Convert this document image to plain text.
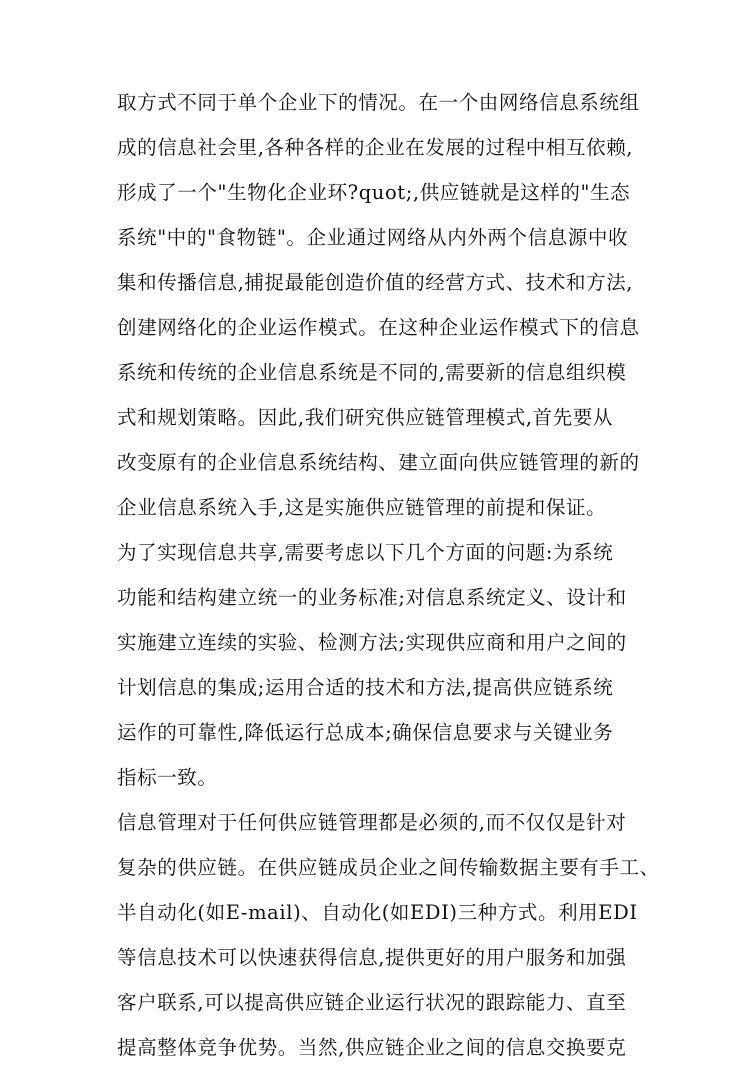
取方式不同于单个企业下的情况。在一个由网络信息系统组
成的信息社会里,各种各样的企业在发展的过程中相互依赖,
形成了一个"生物化企业环?quot;,供应链就是这样的"生态
系统"中的"食物链"。企业通过网络从内外两个信息源中收
集和传播信息,捕捉最能创造价值的经营方式、技术和方法,
创建网络化的企业运作模式。在这种企业运作模式下的信息
系统和传统的企业信息系统是不同的,需要新的信息组织模
式和规划策略。因此,我们研究供应链管理模式,首先要从
改变原有的企业信息系统结构、建立面向供应链管理的新的
企业信息系统入手,这是实施供应链管理的前提和保证。
为了实现信息共享,需要考虑以下几个方面的问题:为系统
功能和结构建立统一的业务标准;对信息系统定义、设计和
实施建立连续的实验、检测方法;实现供应商和用户之间的
计划信息的集成;运用合适的技术和方法,提高供应链系统
运作的可靠性,降低运行总成本;确保信息要求与关键业务
指标一致。
信息管理对于任何供应链管理都是必须的,而不仅仅是针对
复杂的供应链。在供应链成员企业之间传输数据主要有手工、
半自动化(如E-mail)、自动化(如EDI)三种方式。利用EDI
等信息技术可以快速获得信息,提供更好的用户服务和加强
客户联系,可以提高供应链企业运行状况的跟踪能力、直至
提高整体竞争优势。当然,供应链企业之间的信息交换要克
